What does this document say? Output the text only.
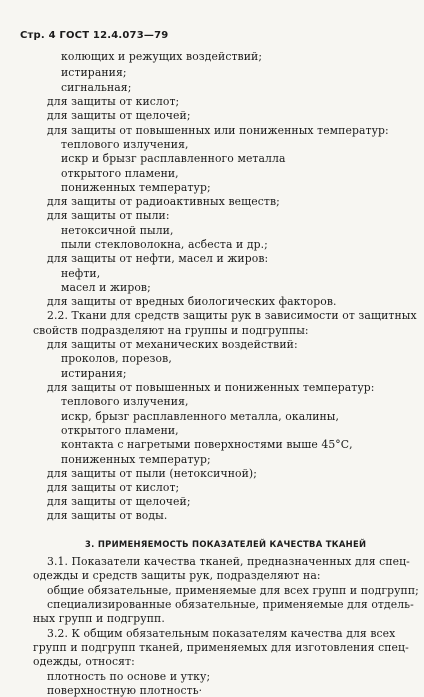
Стр. 4 ГОСТ 12.4.073—79
колющих и режущих воздействий;
истирания;
сигнальная;
для защиты от кислот;
для защиты от щелочей;
для защиты от повышенных или пониженных температур:
теплового излучения,
искр и брызг расплавленного металла
открытого пламени,
пониженных температур;
для защиты от радиоактивных веществ;
для защиты от пыли:
нетоксичной пыли,
пыли стекловолокна, асбеста и др.;
для защиты от нефти, масел и жиров:
нефти,
масел и жиров;
для защиты от вредных биологических факторов.
2.2. Ткани для средств защиты рук в зависимости от защитных
свойств подразделяют на группы и подгруппы:
для защиты от механических воздействий:
проколов, порезов,
истирания;
для защиты от повышенных и пониженных температур:
теплового излучения,
искр, брызг расплавленного металла, окалины,
открытого пламени,
контакта с нагретыми поверхностями выше 45°С,
пониженных температур;
для защиты от пыли (нетоксичной);
для защиты от кислот;
для защиты от щелочей;
для защиты от воды.
3. ПРИМЕНЯЕМОСТЬ ПОКАЗАТЕЛЕЙ КАЧЕСТВА ТКАНЕЙ
3.1. Показатели качества тканей, предназначенных для спец-
одежды и средств защиты рук, подразделяют на:
общие обязательные, применяемые для всех групп и подгрупп;
специализированные обязательные, применяемые для отдель-
ных групп и подгрупп.
3.2. К общим обязательным показателям качества для всех
групп и подгрупп тканей, применяемых для изготовления спец-
одежды, относят:
плотность по основе и утку;
поверхностную плотность·
